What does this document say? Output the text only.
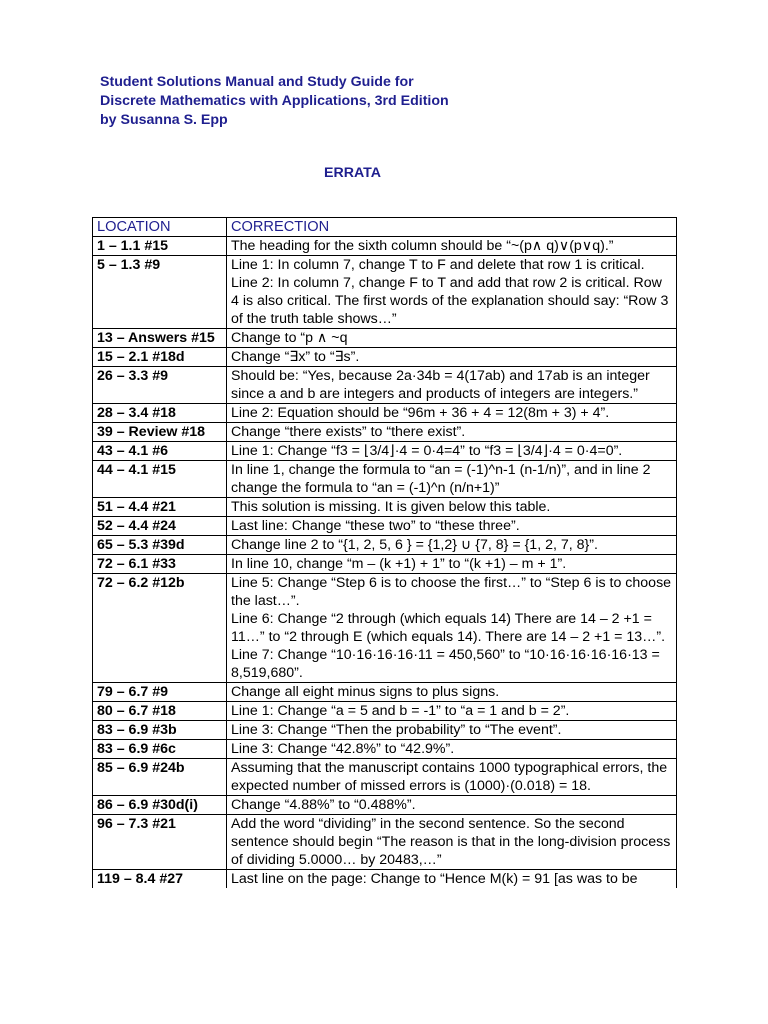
Student Solutions Manual and Study Guide for
Discrete Mathematics with Applications, 3rd Edition
by Susanna S. Epp
ERRATA
LOCATION	CORRECTION
1 – 1.1 #15	The heading for the sixth column should be “~(p∧ q)∨(p∨q).”

5 – 1.3 #9	Line 1: In column 7, change T to F and delete that row 1 is critical. Line 2: In column 7, change F to T and add that row 2 is critical. Row 4 is also critical. The first words of the explanation should say: “Row 3 of the truth table shows…”

13 – Answers #15	Change to “p ∧ ~q

15 – 2.1 #18d	Change “∃x” to “∃s”.

26 – 3.3 #9	Should be: “Yes, because 2a·34b = 4(17ab) and 17ab is an integer since a and b are integers and products of integers are integers.”

28 – 3.4 #18	Line 2: Equation should be “96m + 36 + 4 = 12(8m + 3) + 4”.

39 – Review #18	Change “there exists” to “there exist”.

43 – 4.1 #6	Line 1: Change “f3 = ⌊3/4⌋·4 = 0·4=4” to “f3 = ⌊3/4⌋·4 = 0·4=0”.

44 – 4.1 #15	In line 1, change the formula to “an = (-1)^n-1 (n-1/n)”, and in line 2 change the formula to “an = (-1)^n (n/n+1)”

51 – 4.4 #21	This solution is missing. It is given below this table.

52 – 4.4 #24	Last line: Change “these two” to “these three”.

65 – 5.3 #39d	Change line 2 to “{1, 2, 5, 6 } = {1,2} ∪ {7, 8} = {1, 2, 7, 8}”.

72 – 6.1 #33	In line 10, change “m – (k +1) + 1” to “(k +1) – m + 1”.

72 – 6.2 #12b	Line 5: Change “Step 6 is to choose the first…” to “Step 6 is to choose the last…”.
Line 6: Change “2 through (which equals 14) There are 14 – 2 +1 = 11…” to “2 through E (which equals 14). There are 14 – 2 +1 = 13…”.
Line 7: Change “10·16·16·16·11 = 450,560” to “10·16·16·16·16·13 = 8,519,680”.

79 – 6.7 #9	Change all eight minus signs to plus signs.

80 – 6.7 #18	Line 1: Change “a = 5 and b = -1” to “a = 1 and b = 2”.

83 – 6.9 #3b	Line 3: Change “Then the probability” to “The event”.

83 – 6.9 #6c	Line 3: Change “42.8%” to “42.9%”.

85 – 6.9 #24b	Assuming that the manuscript contains 1000 typographical errors, the expected number of missed errors is (1000)·(0.018) = 18.

86 – 6.9 #30d(i)	Change “4.88%” to “0.488%”.

96 – 7.3 #21	Add the word “dividing” in the second sentence. So the second sentence should begin “The reason is that in the long-division process of dividing 5.0000… by 20483,…”

119 – 8.4 #27	Last line on the page: Change to “Hence M(k) = 91 [as was to be
